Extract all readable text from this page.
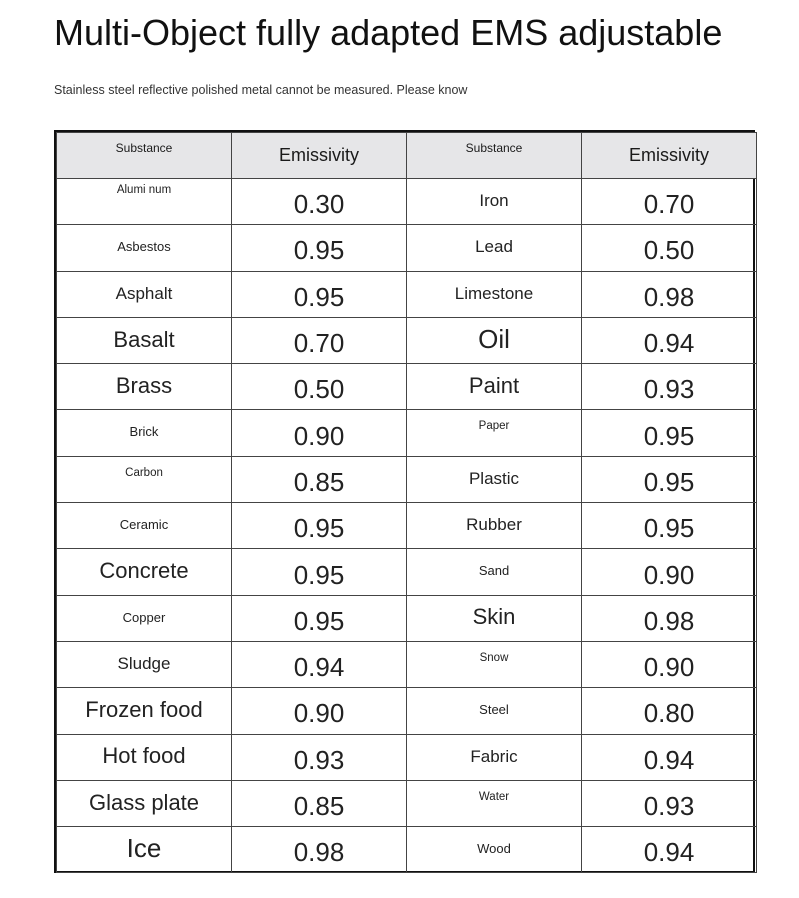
Multi-Object fully adapted EMS adjustable
Stainless steel reflective polished metal cannot be measured. Please know
Substance	Emissivity	Substance	Emissivity
Alumi num	0.30	Iron	0.70
Asbestos	0.95	Lead	0.50
Asphalt	0.95	Limestone	0.98
Basalt	0.70	Oil	0.94
Brass	0.50	Paint	0.93
Brick	0.90	Paper	0.95
Carbon	0.85	Plastic	0.95
Ceramic	0.95	Rubber	0.95
Concrete	0.95	Sand	0.90
Copper	0.95	Skin	0.98
Sludge	0.94	Snow	0.90
Frozen food	0.90	Steel	0.80
Hot food	0.93	Fabric	0.94
Glass plate	0.85	Water	0.93
Ice	0.98	Wood	0.94
